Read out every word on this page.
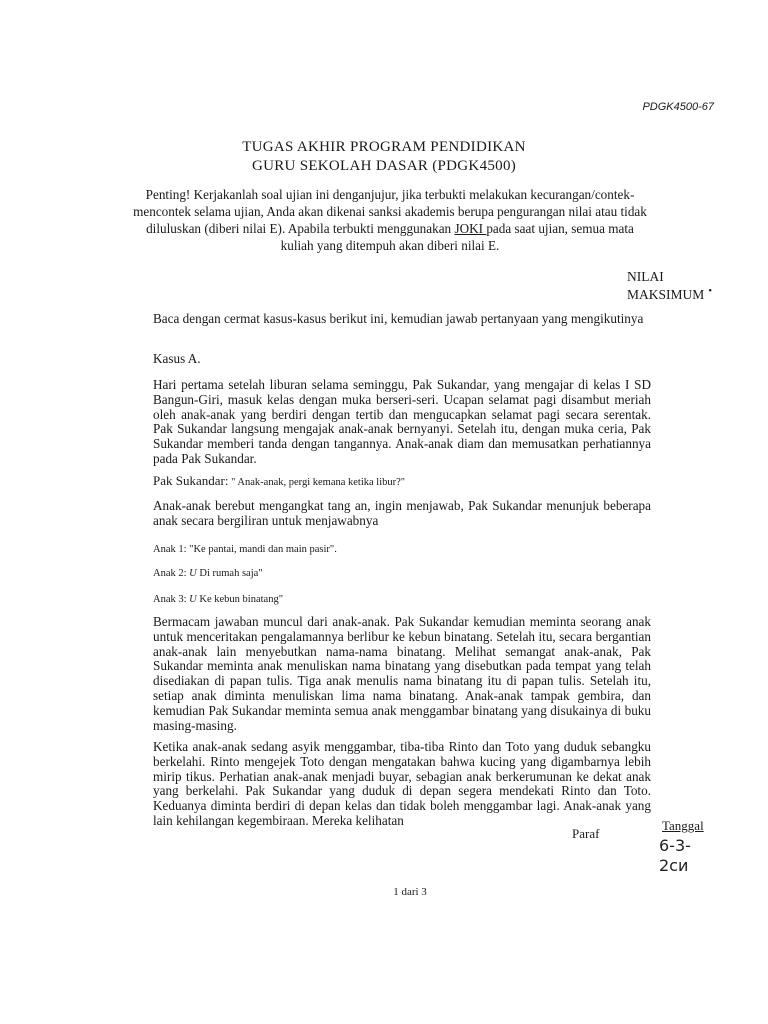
PDGK4500-67
TUGAS AKHIR PROGRAM PENDIDIKAN
GURU SEKOLAH DASAR (PDGK4500)
Penting! Kerjakanlah soal ujian ini denganjujur, jika terbukti melakukan kecurangan/contek-mencontek selama ujian, Anda akan dikenai sanksi akademis berupa pengurangan nilai atau tidak diluluskan (diberi nilai E). Apabila terbukti menggunakan JOKI pada saat ujian, semua mata kuliah yang ditempuh akan diberi nilai E.
NILAI
MAKSIMUM •
Baca dengan cermat kasus-kasus berikut ini, kemudian jawab pertanyaan yang mengikutinya
Kasus A.
Hari pertama setelah liburan selama seminggu, Pak Sukandar, yang mengajar di kelas I SD Bangun-Giri, masuk kelas dengan muka berseri-seri. Ucapan selamat pagi disambut meriah oleh anak-anak yang berdiri dengan tertib dan mengucapkan selamat pagi secara serentak. Pak Sukandar langsung mengajak anak-anak bernyanyi. Setelah itu, dengan muka ceria, Pak Sukandar memberi tanda dengan tangannya. Anak-anak diam dan memusatkan perhatiannya pada Pak Sukandar.
Pak Sukandar: " Anak-anak, pergi kemana ketika libur?"
Anak-anak berebut mengangkat tang an, ingin menjawab, Pak Sukandar menunjuk beberapa anak secara bergiliran untuk menjawabnya
Anak 1: "Ke pantai, mandi dan main pasir".
Anak 2: U Di rumah saja"
Anak 3: U Ke kebun binatang"
Bermacam jawaban muncul dari anak-anak. Pak Sukandar kemudian meminta seorang anak untuk menceritakan pengalamannya berlibur ke kebun binatang. Setelah itu, secara bergantian anak-anak lain menyebutkan nama-nama binatang. Melihat semangat anak-anak, Pak Sukandar meminta anak menuliskan nama binatang yang disebutkan pada tempat yang telah disediakan di papan tulis. Tiga anak menulis nama binatang itu di papan tulis. Setelah itu, setiap anak diminta menuliskan lima nama binatang. Anak-anak tampak gembira, dan kemudian Pak Sukandar meminta semua anak menggambar binatang yang disukainya di buku masing-masing.
Ketika anak-anak sedang asyik menggambar, tiba-tiba Rinto dan Toto yang duduk sebangku berkelahi. Rinto mengejek Toto dengan mengatakan bahwa kucing yang digambarnya lebih mirip tikus. Perhatian anak-anak menjadi buyar, sebagian anak berkerumunan ke dekat anak yang berkelahi. Pak Sukandar yang duduk di depan segera mendekati Rinto dan Toto. Keduanya diminta berdiri di depan kelas dan tidak boleh menggambar lagi. Anak-anak yang lain kehilangan kegembiraan. Mereka kelihatan
Paraf
Tanggal
6-3-
2cᴎ
1 dari 3
